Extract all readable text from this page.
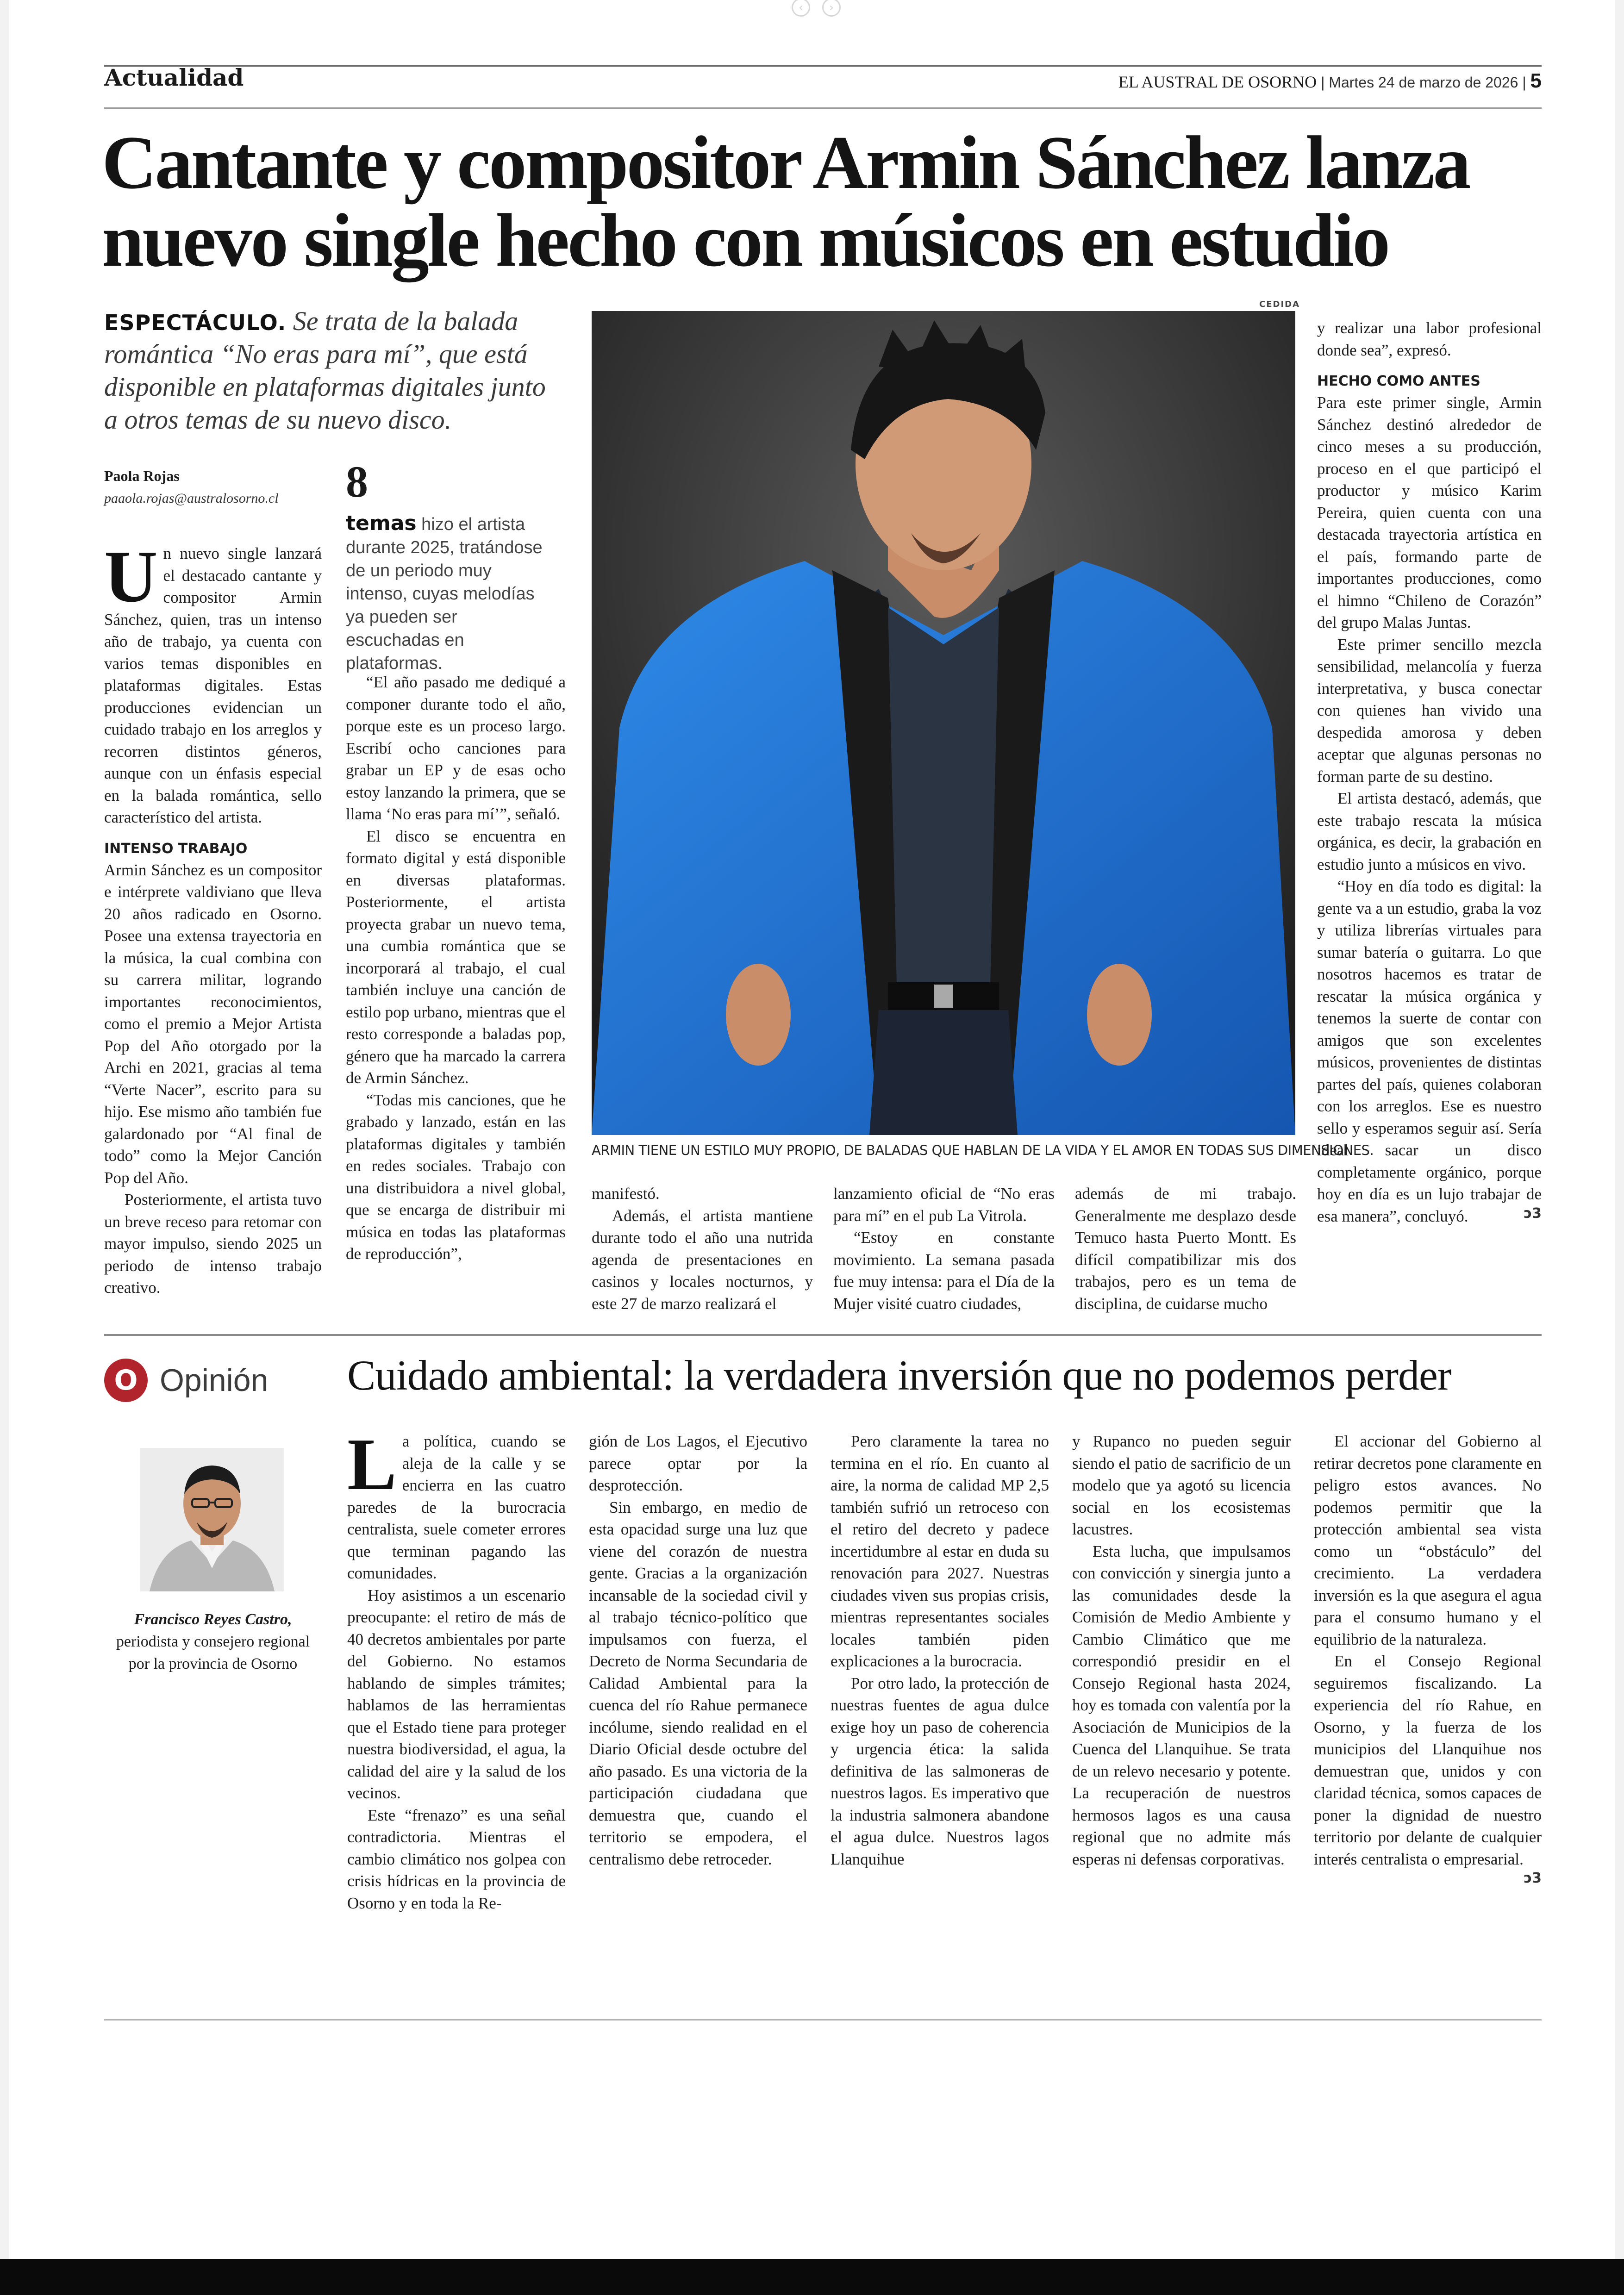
‹	›
Actualidad	EL AUSTRAL DE OSORNO | Martes 24 de marzo de 2026 | 5
Cantante y compositor Armin Sánchez lanza nuevo single hecho con músicos en estudio
ESPECTÁCULO. Se trata de la balada romántica “No eras para mí”, que está disponible en plataformas digitales junto a otros temas de su nuevo disco.
Paola Rojas
paaola.rojas@australosorno.cl 8
temas hizo el artista durante 2025, tratándose de un periodo muy intenso, cuyas melodías ya pueden ser escuchadas en plataformas.

Un nuevo single lanzará el destacado cantante y compositor Armin Sánchez, quien, tras un intenso año de trabajo, ya cuenta con varios temas disponibles en plataformas digitales. Estas producciones evidencian un cuidado trabajo en los arreglos y recorren distintos géneros, aunque con un énfasis especial en la balada romántica, sello característico del artista.

INTENSO TRABAJO

Armin Sánchez es un compositor e intérprete valdiviano que lleva 20 años radicado en Osorno. Posee una extensa trayectoria en la música, la cual combina con su carrera militar, logrando importantes reconocimientos, como el premio a Mejor Artista Pop del Año otorgado por la Archi en 2021, gracias al tema “Verte Nacer”, escrito para su hijo. Ese mismo año también fue galardonado por “Al final de todo” como la Mejor Canción Pop del Año.

Posteriormente, el artista tuvo un breve receso para retomar con mayor impulso, siendo 2025 un periodo de intenso trabajo creativo.

“El año pasado me dediqué a componer durante todo el año, porque este es un proceso largo. Escribí ocho canciones para grabar un EP y de esas ocho estoy lanzando la primera, que se llama ‘No eras para mí’”, señaló.

El disco se encuentra en formato digital y está disponible en diversas plataformas. Posteriormente, el artista proyecta grabar un nuevo tema, una cumbia romántica que se incorporará al trabajo, el cual también incluye una canción de estilo pop urbano, mientras que el resto corresponde a baladas pop, género que ha marcado la carrera de Armin Sánchez.

“Todas mis canciones, que he grabado y lanzado, están en las plataformas digitales y también en redes sociales. Trabajo con una distribuidora a nivel global, que se encarga de distribuir mi música en todas las plataformas de reproducción”,

CEDIDA
ARMIN TIENE UN ESTILO MUY PROPIO, DE BALADAS QUE HABLAN DE LA VIDA Y EL AMOR EN TODAS SUS DIMENSIONES.

manifestó.

Además, el artista mantiene durante todo el año una nutrida agenda de presentaciones en casinos y locales nocturnos, y este 27 de marzo realizará el

lanzamiento oficial de “No eras para mí” en el pub La Vitrola.

“Estoy en constante movimiento. La semana pasada fue muy intensa: para el Día de la Mujer visité cuatro ciudades,

además de mi trabajo. Generalmente me desplazo desde Temuco hasta Puerto Montt. Es difícil compatibilizar mis dos trabajos, pero es un tema de disciplina, de cuidarse mucho

y realizar una labor profesional donde sea”, expresó.

HECHO COMO ANTES

Para este primer single, Armin Sánchez destinó alrededor de cinco meses a su producción, proceso en el que participó el productor y músico Karim Pereira, quien cuenta con una destacada trayectoria artística en el país, formando parte de importantes producciones, como el himno “Chileno de Corazón” del grupo Malas Juntas.

Este primer sencillo mezcla sensibilidad, melancolía y fuerza interpretativa, y busca conectar con quienes han vivido una despedida amorosa y deben aceptar que algunas personas no forman parte de su destino.

El artista destacó, además, que este trabajo rescata la música orgánica, es decir, la grabación en estudio junto a músicos en vivo.

“Hoy en día todo es digital: la gente va a un estudio, graba la voz y utiliza librerías virtuales para sumar batería o guitarra. Lo que nosotros hacemos es tratar de rescatar la música orgánica y tenemos la suerte de contar con amigos que son excelentes músicos, provenientes de distintas partes del país, quienes colaboran con los arreglos. Ese es nuestro sello y esperamos seguir así. Sería ideal sacar un disco completamente orgánico, porque hoy en día es un lujo trabajar de esa manera”, concluyó.	ↄ3

O Opinión Cuidado ambiental: la verdadera inversión que no podemos perder
Francisco Reyes Castro,
periodista y consejero regional por la provincia de Osorno

La política, cuando se aleja de la calle y se encierra en las cuatro paredes de la burocracia centralista, suele cometer errores que terminan pagando las comunidades.

Hoy asistimos a un escenario preocupante: el retiro de más de 40 decretos ambientales por parte del Gobierno. No estamos hablando de simples trámites; hablamos de las herramientas que el Estado tiene para proteger nuestra biodiversidad, el agua, la calidad del aire y la salud de los vecinos.

Este “frenazo” es una señal contradictoria. Mientras el cambio climático nos golpea con crisis hídricas en la provincia de Osorno y en toda la Re-

gión de Los Lagos, el Ejecutivo parece optar por la desprotección.

Sin embargo, en medio de esta opacidad surge una luz que viene del corazón de nuestra gente. Gracias a la organización incansable de la sociedad civil y al trabajo técnico-político que impulsamos con fuerza, el Decreto de Norma Secundaria de Calidad Ambiental para la cuenca del río Rahue permanece incólume, siendo realidad en el Diario Oficial desde octubre del año pasado. Es una victoria de la participación ciudadana que demuestra que, cuando el territorio se empodera, el centralismo debe retroceder.

Pero claramente la tarea no termina en el río. En cuanto al aire, la norma de calidad MP 2,5 también sufrió un retroceso con el retiro del decreto y padece incertidumbre al estar en duda su renovación para 2027. Nuestras ciudades viven sus propias crisis, mientras representantes sociales locales también piden explicaciones a la burocracia.

Por otro lado, la protección de nuestras fuentes de agua dulce exige hoy un paso de coherencia y urgencia ética: la salida definitiva de las salmoneras de nuestros lagos. Es imperativo que la industria salmonera abandone el agua dulce. Nuestros lagos Llanquihue

y Rupanco no pueden seguir siendo el patio de sacrificio de un modelo que ya agotó su licencia social en los ecosistemas lacustres.

Esta lucha, que impulsamos con convicción y sinergia junto a las comunidades desde la Comisión de Medio Ambiente y Cambio Climático que me correspondió presidir en el Consejo Regional hasta 2024, hoy es tomada con valentía por la Asociación de Municipios de la Cuenca del Llanquihue. Se trata de un relevo necesario y potente. La recuperación de nuestros hermosos lagos es una causa regional que no admite más esperas ni defensas corporativas.

El accionar del Gobierno al retirar decretos pone claramente en peligro estos avances. No podemos permitir que la protección ambiental sea vista como un “obstáculo” del crecimiento. La verdadera inversión es la que asegura el agua para el consumo humano y el equilibrio de la naturaleza.

En el Consejo Regional seguiremos fiscalizando. La experiencia del río Rahue, en Osorno, y la fuerza de los municipios del Llanquihue nos demuestran que, unidos y con claridad técnica, somos capaces de poner la dignidad de nuestro territorio por delante de cualquier interés centralista o empresarial.
ↄ3
